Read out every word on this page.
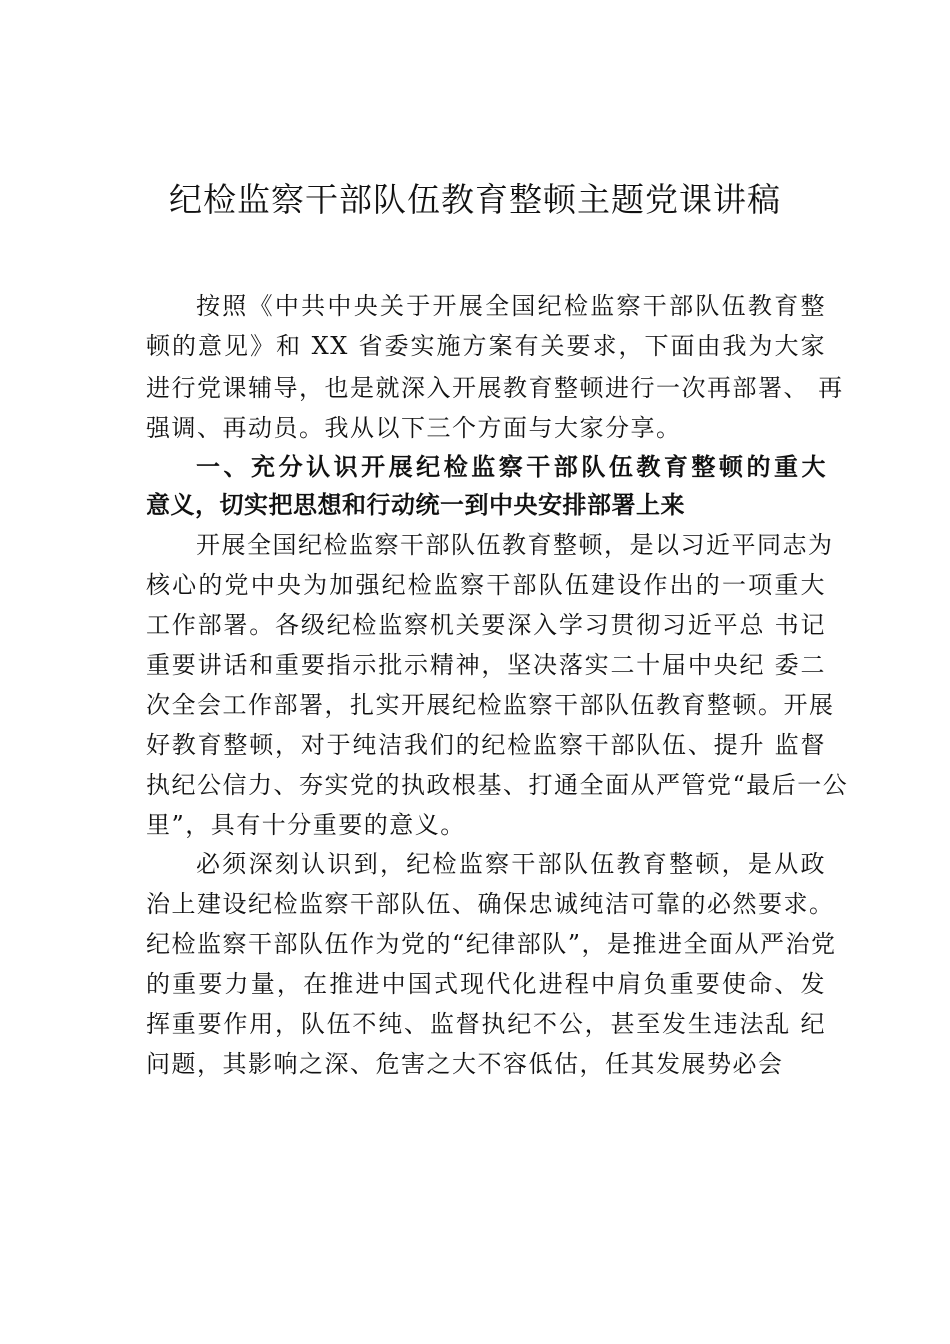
纪检监察干部队伍教育整顿主题党课讲稿

按照《中共中央关于开展全国纪检监察干部队伍教育整

顿的意见》和 XX 省委实施方案有关要求，下面由我为大家

进行党课辅导，也是就深入开展教育整顿进行一次再部署、 再

强调、再动员。我从以下三个方面与大家分享。

一、充分认识开展纪检监察干部队伍教育整顿的重大

意义，切实把思想和行动统一到中央安排部署上来

开展全国纪检监察干部队伍教育整顿，是以习近平同志为

核心的党中央为加强纪检监察干部队伍建设作出的一项重大

工作部署。各级纪检监察机关要深入学习贯彻习近平总 书记

重要讲话和重要指示批示精神，坚决落实二十届中央纪 委二

次全会工作部署，扎实开展纪检监察干部队伍教育整顿。开展

好教育整顿，对于纯洁我们的纪检监察干部队伍、提升 监督

执纪公信力、夯实党的执政根基、打通全面从严管党“最后一公

里”，具有十分重要的意义。

必须深刻认识到，纪检监察干部队伍教育整顿，是从政

治上建设纪检监察干部队伍、确保忠诚纯洁可靠的必然要求。

纪检监察干部队伍作为党的“纪律部队”，是推进全面从严治党

的重要力量，在推进中国式现代化进程中肩负重要使命、发

挥重要作用，队伍不纯、监督执纪不公，甚至发生违法乱 纪

问题，其影响之深、危害之大不容低估，任其发展势必会
